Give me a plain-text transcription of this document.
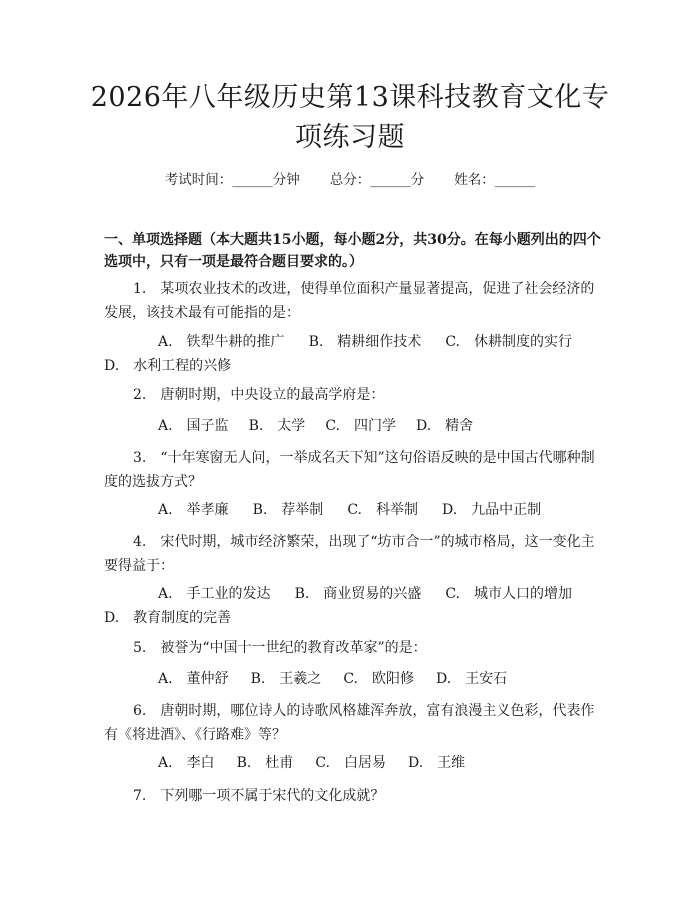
2026年八年级历史第13课科技教育文化专
项练习题
考试时间：______分钟 总分：______分 姓名：______
一、单项选择题（本大题共15小题，每小题2分，共30分。在每小题列出的四个选项中，只有一项是最符合题目要求的。）
1.　某项农业技术的改进，使得单位面积产量显著提高，促进了社会经济的发展，该技术最有可能指的是：
A.　铁犁牛耕的推广 B.　精耕细作技术 C.　休耕制度的实行
D.　水利工程的兴修
2.　唐朝时期，中央设立的最高学府是：
A.　国子监 B.　太学 C.　四门学 D.　精舍
3.　“十年寒窗无人问，一举成名天下知”这句俗语反映的是中国古代哪种制度的选拔方式？
A.　举孝廉 B.　荐举制 C.　科举制 D.　九品中正制
4.　宋代时期，城市经济繁荣，出现了“坊市合一”的城市格局，这一变化主要得益于：
A.　手工业的发达 B.　商业贸易的兴盛 C.　城市人口的增加
D.　教育制度的完善
5.　被誉为“中国十一世纪的教育改革家”的是：
A.　董仲舒 B.　王羲之 C.　欧阳修 D.　王安石
6.　唐朝时期，哪位诗人的诗歌风格雄浑奔放，富有浪漫主义色彩，代表作有《将进酒》、《行路难》等？
A.　李白 B.　杜甫 C.　白居易 D.　王维
7.　下列哪一项不属于宋代的文化成就？
